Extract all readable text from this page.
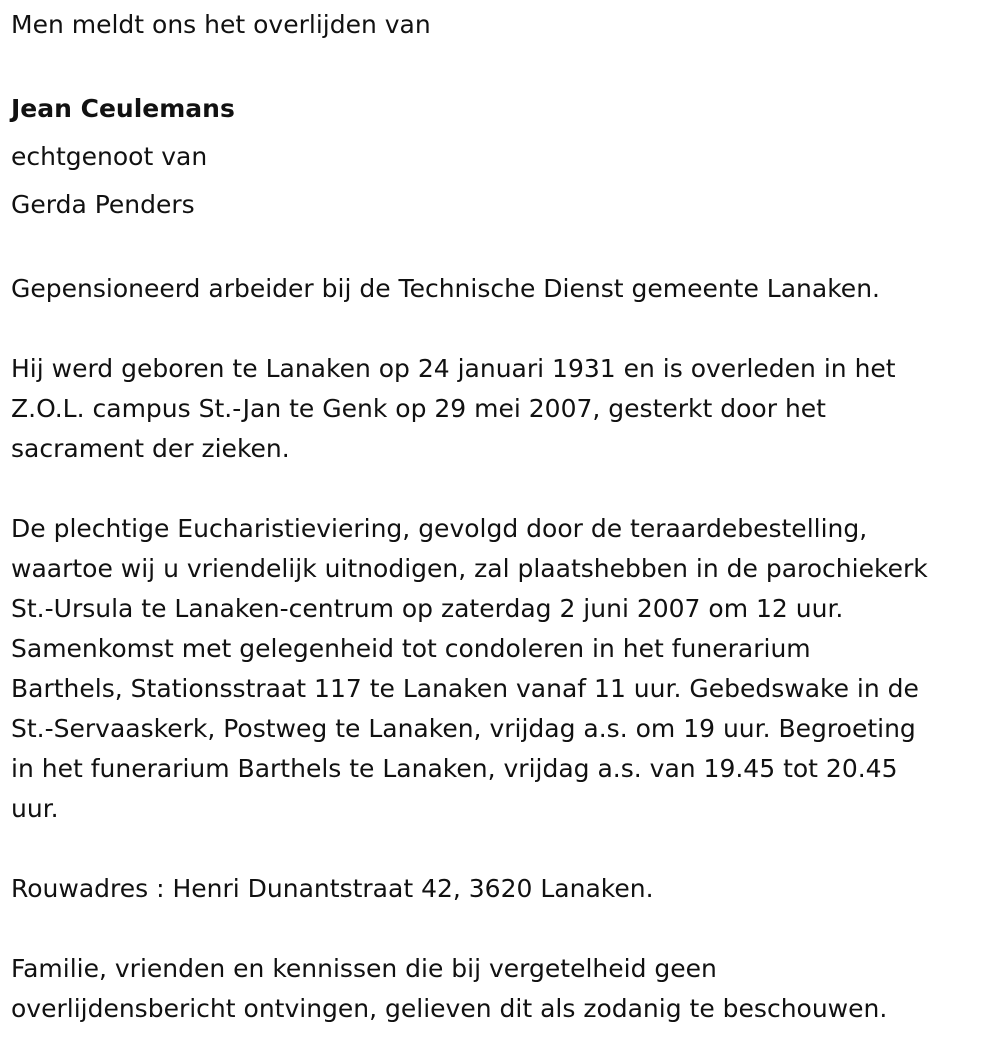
Men meldt ons het overlijden van
Jean Ceulemans
echtgenoot van
Gerda Penders
Gepensioneerd arbeider bij de Technische Dienst gemeente Lanaken.
Hij werd geboren te Lanaken op 24 januari 1931 en is overleden in het
Z.O.L. campus St.-Jan te Genk op 29 mei 2007, gesterkt door het
sacrament der zieken.
De plechtige Eucharistieviering, gevolgd door de teraardebestelling,
waartoe wij u vriendelijk uitnodigen, zal plaatshebben in de parochiekerk
St.-Ursula te Lanaken-centrum op zaterdag 2 juni 2007 om 12 uur.
Samenkomst met gelegenheid tot condoleren in het funerarium
Barthels, Stationsstraat 117 te Lanaken vanaf 11 uur. Gebedswake in de
St.-Servaaskerk, Postweg te Lanaken, vrijdag a.s. om 19 uur. Begroeting
in het funerarium Barthels te Lanaken, vrijdag a.s. van 19.45 tot 20.45
uur.
Rouwadres : Henri Dunantstraat 42, 3620 Lanaken.
Familie, vrienden en kennissen die bij vergetelheid geen
overlijdensbericht ontvingen, gelieven dit als zodanig te beschouwen.
